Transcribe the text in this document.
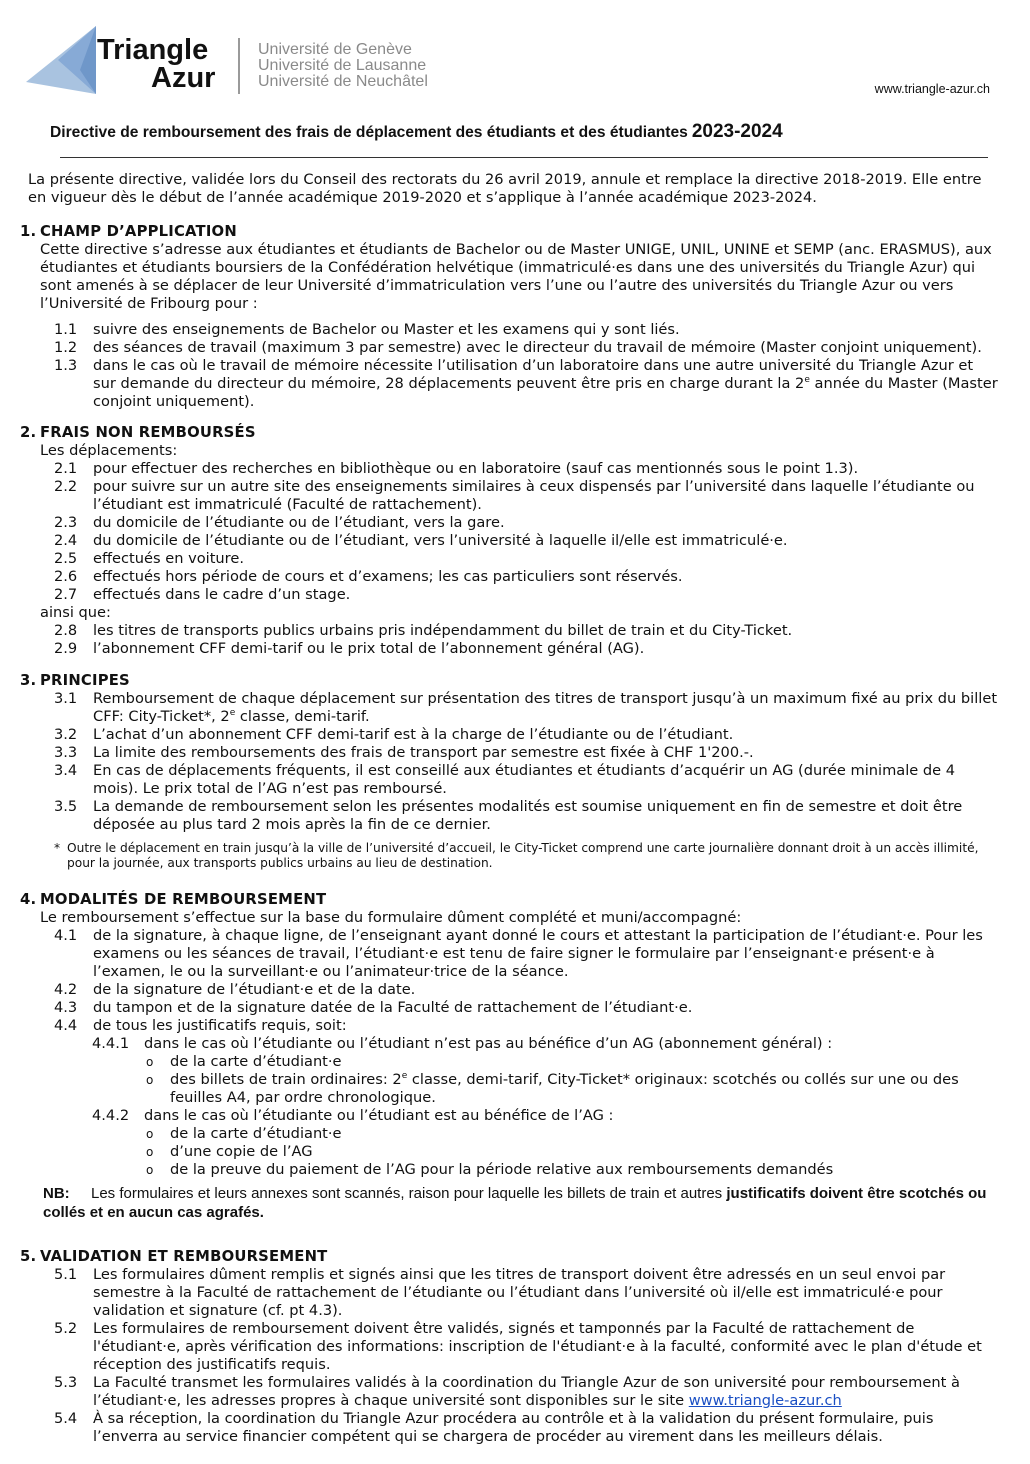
Triangle
Azur
Université de Genève
Université de Lausanne
Université de Neuchâtel	www.triangle-azur.ch
Directive de remboursement des frais de déplacement des étudiants et des étudiantes 2023-2024
La présente directive, validée lors du Conseil des rectorats du 26 avril 2019, annule et remplace la directive 2018-2019. Elle entre en vigueur dès le début de l’année académique 2019-2020 et s’applique à l’année académique 2023-2024.
1. CHAMP D’APPLICATION
Cette directive s’adresse aux étudiantes et étudiants de Bachelor ou de Master UNIGE, UNIL, UNINE et SEMP (anc. ERASMUS), aux étudiantes et étudiants boursiers de la Confédération helvétique (immatriculé·es dans une des universités du Triangle Azur) qui sont amenés à se déplacer de leur Université d’immatriculation vers l’une ou l’autre des universités du Triangle Azur ou vers l’Université de Fribourg pour :
1.1 suivre des enseignements de Bachelor ou Master et les examens qui y sont liés.
1.2 des séances de travail (maximum 3 par semestre) avec le directeur du travail de mémoire (Master conjoint uniquement).
1.3 dans le cas où le travail de mémoire nécessite l’utilisation d’un laboratoire dans une autre université du Triangle Azur et sur demande du directeur du mémoire, 28 déplacements peuvent être pris en charge durant la 2e année du Master (Master conjoint uniquement).
2. FRAIS NON REMBOURSÉS
Les déplacements:
2.1 pour effectuer des recherches en bibliothèque ou en laboratoire (sauf cas mentionnés sous le point 1.3).
2.2 pour suivre sur un autre site des enseignements similaires à ceux dispensés par l’université dans laquelle l’étudiante ou l’étudiant est immatriculé (Faculté de rattachement).
2.3 du domicile de l’étudiante ou de l’étudiant, vers la gare.
2.4 du domicile de l’étudiante ou de l’étudiant, vers l’université à laquelle il/elle est immatriculé·e.
2.5 effectués en voiture.
2.6 effectués hors période de cours et d’examens; les cas particuliers sont réservés.
2.7 effectués dans le cadre d’un stage.
ainsi que:
2.8 les titres de transports publics urbains pris indépendamment du billet de train et du City-Ticket.
2.9 l’abonnement CFF demi-tarif ou le prix total de l’abonnement général (AG).
3. PRINCIPES
3.1 Remboursement de chaque déplacement sur présentation des titres de transport jusqu’à un maximum fixé au prix du billet CFF: City-Ticket*, 2e classe, demi-tarif.
3.2 L’achat d’un abonnement CFF demi-tarif est à la charge de l’étudiante ou de l’étudiant.
3.3 La limite des remboursements des frais de transport par semestre est fixée à CHF 1'200.-.
3.4 En cas de déplacements fréquents, il est conseillé aux étudiantes et étudiants d’acquérir un AG (durée minimale de 4 mois). Le prix total de l’AG n’est pas remboursé.
3.5 La demande de remboursement selon les présentes modalités est soumise uniquement en fin de semestre et doit être déposée au plus tard 2 mois après la fin de ce dernier.
* Outre le déplacement en train jusqu’à la ville de l’université d’accueil, le City-Ticket comprend une carte journalière donnant droit à un accès illimité, pour la journée, aux transports publics urbains au lieu de destination.
4. MODALITÉS DE REMBOURSEMENT
Le remboursement s’effectue sur la base du formulaire dûment complété et muni/accompagné:
4.1 de la signature, à chaque ligne, de l’enseignant ayant donné le cours et attestant la participation de l’étudiant·e. Pour les examens ou les séances de travail, l’étudiant·e est tenu de faire signer le formulaire par l’enseignant·e présent·e à l’examen, le ou la surveillant·e ou l’animateur·trice de la séance.
4.2 de la signature de l’étudiant·e et de la date.
4.3 du tampon et de la signature datée de la Faculté de rattachement de l’étudiant·e.
4.4 de tous les justificatifs requis, soit:
4.4.1 dans le cas où l’étudiante ou l’étudiant n’est pas au bénéfice d’un AG (abonnement général) :
o de la carte d’étudiant·e
o des billets de train ordinaires: 2e classe, demi-tarif, City-Ticket* originaux: scotchés ou collés sur une ou des feuilles A4, par ordre chronologique.
4.4.2 dans le cas où l’étudiante ou l’étudiant est au bénéfice de l’AG :
o de la carte d’étudiant·e
o d’une copie de l’AG
o de la preuve du paiement de l’AG pour la période relative aux remboursements demandés
NB: Les formulaires et leurs annexes sont scannés, raison pour laquelle les billets de train et autres justificatifs doivent être scotchés ou collés et en aucun cas agrafés.
5. VALIDATION ET REMBOURSEMENT
5.1 Les formulaires dûment remplis et signés ainsi que les titres de transport doivent être adressés en un seul envoi par semestre à la Faculté de rattachement de l’étudiante ou l’étudiant dans l’université où il/elle est immatriculé·e pour validation et signature (cf. pt 4.3).
5.2 Les formulaires de remboursement doivent être validés, signés et tamponnés par la Faculté de rattachement de l'étudiant·e, après vérification des informations: inscription de l'étudiant·e à la faculté, conformité avec le plan d'étude et réception des justificatifs requis.
5.3 La Faculté transmet les formulaires validés à la coordination du Triangle Azur de son université pour remboursement à l’étudiant·e, les adresses propres à chaque université sont disponibles sur le site www.triangle-azur.ch
5.4 À sa réception, la coordination du Triangle Azur procédera au contrôle et à la validation du présent formulaire, puis l’enverra au service financier compétent qui se chargera de procéder au virement dans les meilleurs délais.
